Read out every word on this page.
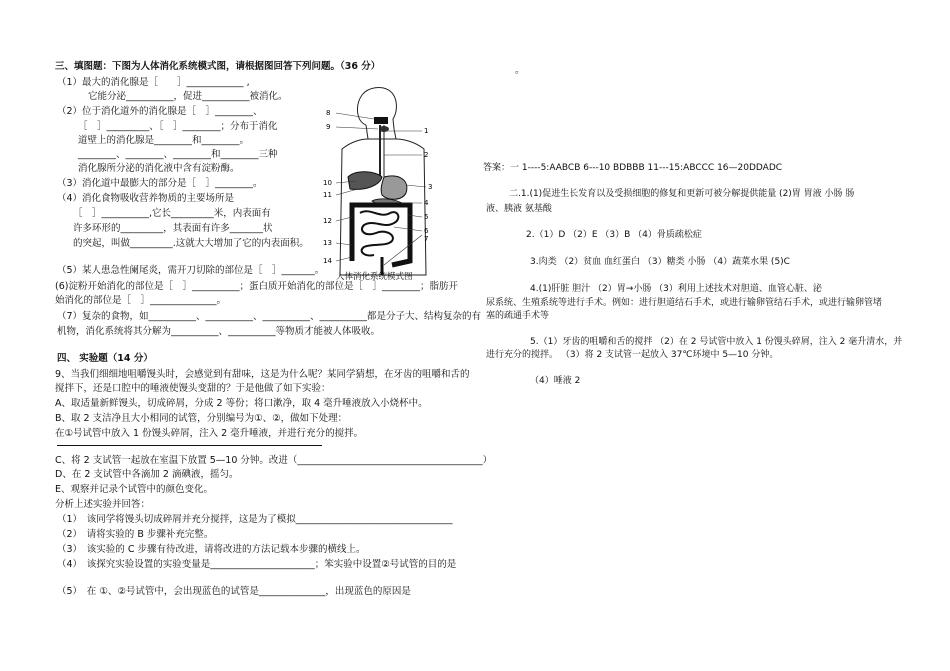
三、填图题：下图为人体消化系统模式图，请根据图回答下列问题。（36 分）
（1）最大的消化腺是［　　］____________ ,
它能分泌__________，促进__________被消化。
（2）位于消化道外的消化腺是［　］________、
［　］_________、［　］________；分布于消化
道壁上的消化腺是________和________。
________、________、________和________三种
消化腺所分泌的消化液中含有淀粉酶。
（3）消化道中最膨大的部分是［　］________。
（4）消化食物吸收营养物质的主要场所是
［　］__________,它长_________米，内表面有
许多环形的_________，其表面有许多_______状
的突起，叫做_________.这就大大增加了它的内表面积。
（5）某人患急性阑尾炎，需开刀切除的部位是［　］_______。
(6)淀粉开始消化的部位是［　］__________；蛋白质开始消化的部位是［　］________；脂肪开
始消化的部位是［　］______________。
（7）复杂的食物，如__________、__________、__________、__________都是分子大、结构复杂的有
机物，消化系统将其分解为__________、__________等物质才能被人体吸收。
四、 实验题（14 分）
9、当我们细细地咀嚼馒头时，会感觉到有甜味，这是为什么呢？某同学猜想，在牙齿的咀嚼和舌的
搅拌下，还是口腔中的唾液使馒头变甜的？于是他做了如下实验：
A、取适量新鲜馒头，切成碎屑，分成 2 等份；将口漱净，取 4 毫升唾液放入小烧杯中。
B、取 2 支洁净且大小相同的试管，分别编号为①、②，做如下处理：
在①号试管中放入 1 份馒头碎屑，注入 2 毫升唾液，并进行充分的搅拌。
C、将 2 支试管一起放在室温下放置 5—10 分钟。改进（_______________________________________）
D、在 2 支试管中各滴加 2 滴碘液，摇匀。
E、观察并记录个试管中的颜色变化。
分析上述实验并回答：
（1）　该同学将馒头切成碎屑并充分搅拌，这是为了模拟_________________________________
（2）　请将实验的 B 步骤补充完整。
（3）　该实验的 C 步骤有待改进，请将改进的方法记载本步骤的横线上。
（4）　该探究实验设置的实验变量是______________________；笨实验中设置②号试管的目的是
（5）　在 ①、②号试管中，会出现蓝色的试管是______________，出现蓝色的原因是
8
9
10
11
12
13
14
1
2
3
4
5
6
7
人体消化系统模式图
。
答案：一 1----5:AABCB 6---10 BDBBB 11---15:ABCCC 16—20DDADC
二.1.(1)促进生长发育以及受损细胞的修复和更新可被分解提供能量 (2)胃 胃液 小肠 肠
液、胰液 氨基酸
2.（1）D （2）E （3）B （4）骨质疏松症
3.肉类 （2）贫血 血红蛋白 （3）糖类 小肠 （4）蔬菜水果 (5)C
4.(1)肝脏 胆汁 （2）胃→小肠 （3）利用上述技术对胆道、血管心脏、泌
尿系统、生殖系统等进行手术。例如：进行胆道结石手术，或进行输卵管结石手术，或进行输卵管堵
塞的疏通手术等
5.（1）牙齿的咀嚼和舌的搅拌 （2）在 2 号试管中放入 1 份馒头碎屑，注入 2 毫升清水，并
进行充分的搅拌。 （3）将 2 支试管一起放入 37℃环境中 5—10 分钟。
（4）唾液 2
